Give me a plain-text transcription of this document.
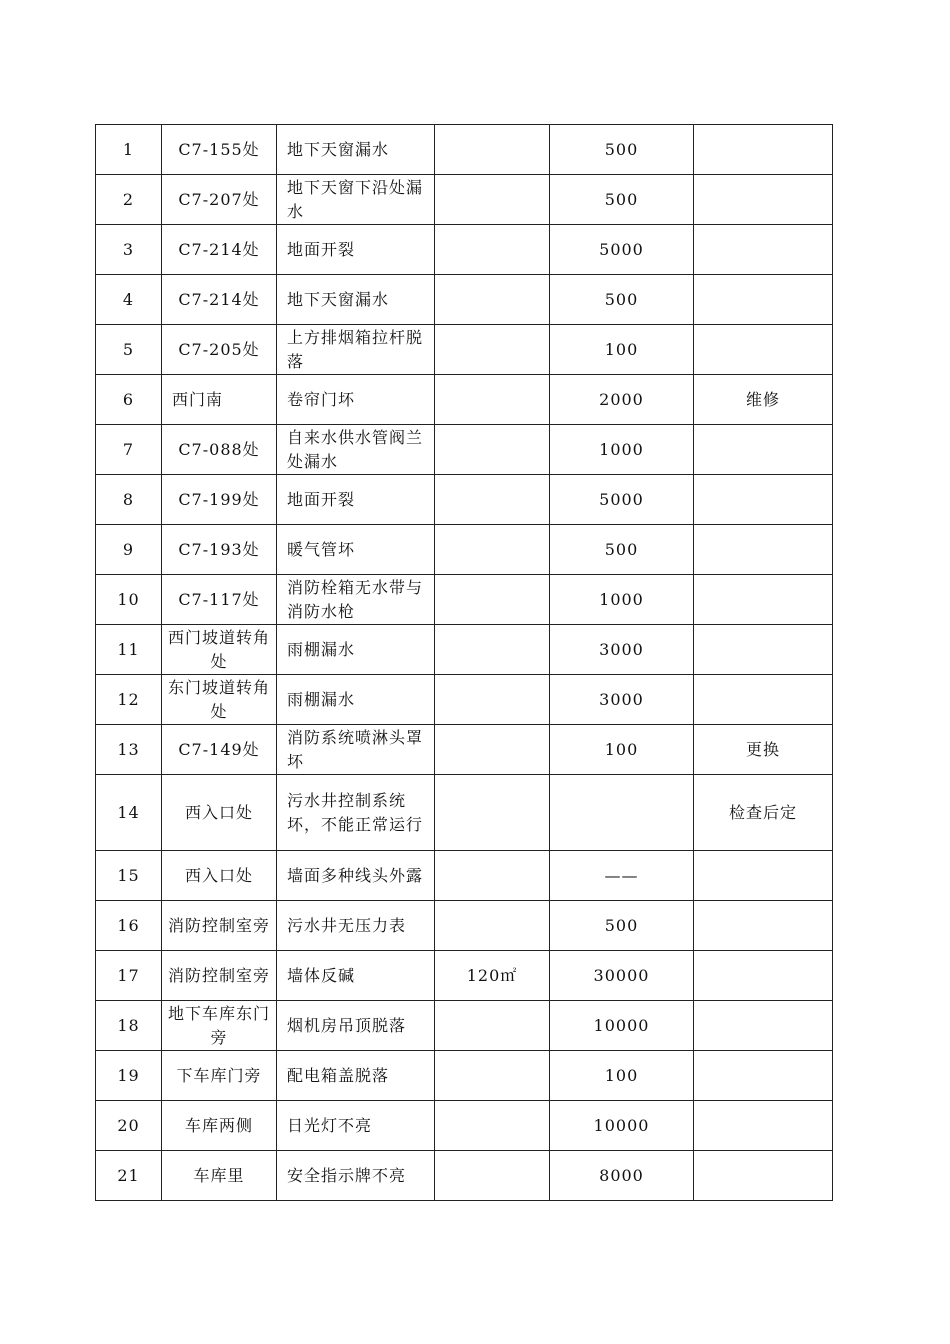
1	C7-155处	地下天窗漏水		500	
2	C7-207处	地下天窗下沿处漏水		500	
3	C7-214处	地面开裂		5000	
4	C7-214处	地下天窗漏水		500	
5	C7-205处	上方排烟箱拉杆脱落		100	
6	西门南	卷帘门坏		2000	维修
7	C7-088处	自来水供水管阀兰处漏水		1000	
8	C7-199处	地面开裂		5000	
9	C7-193处	暖气管坏		500	
10	C7-117处	消防栓箱无水带与消防水枪		1000	
11	西门坡道转角处	雨棚漏水		3000	
12	东门坡道转角处	雨棚漏水		3000	
13	C7-149处	消防系统喷淋头罩坏		100	更换
14	西入口处	污水井控制系统坏，不能正常运行			检查后定
15	西入口处	墙面多种线头外露		——	
16	消防控制室旁	污水井无压力表		500	
17	消防控制室旁	墙体反碱	120㎡	30000	
18	地下车库东门旁	烟机房吊顶脱落		10000	
19	下车库门旁	配电箱盖脱落		100	
20	车库两侧	日光灯不亮		10000	
21	车库里	安全指示牌不亮		8000	
